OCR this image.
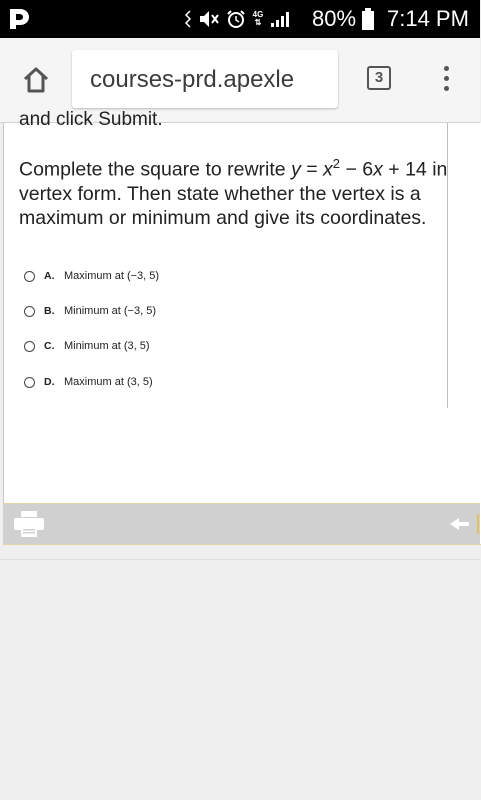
4G
⇅ 80% 7:14 PM
courses-prd.apexle	3
and click Submit.
Complete the square to rewrite $y = x^2 - 6x + 14$ in vertex form. Then state whether the vertex is a maximum or minimum and give its coordinates.
A. Maximum at (−3, 5)
B. Minimum at (−3, 5)
C. Minimum at (3, 5)
D. Maximum at (3, 5)
